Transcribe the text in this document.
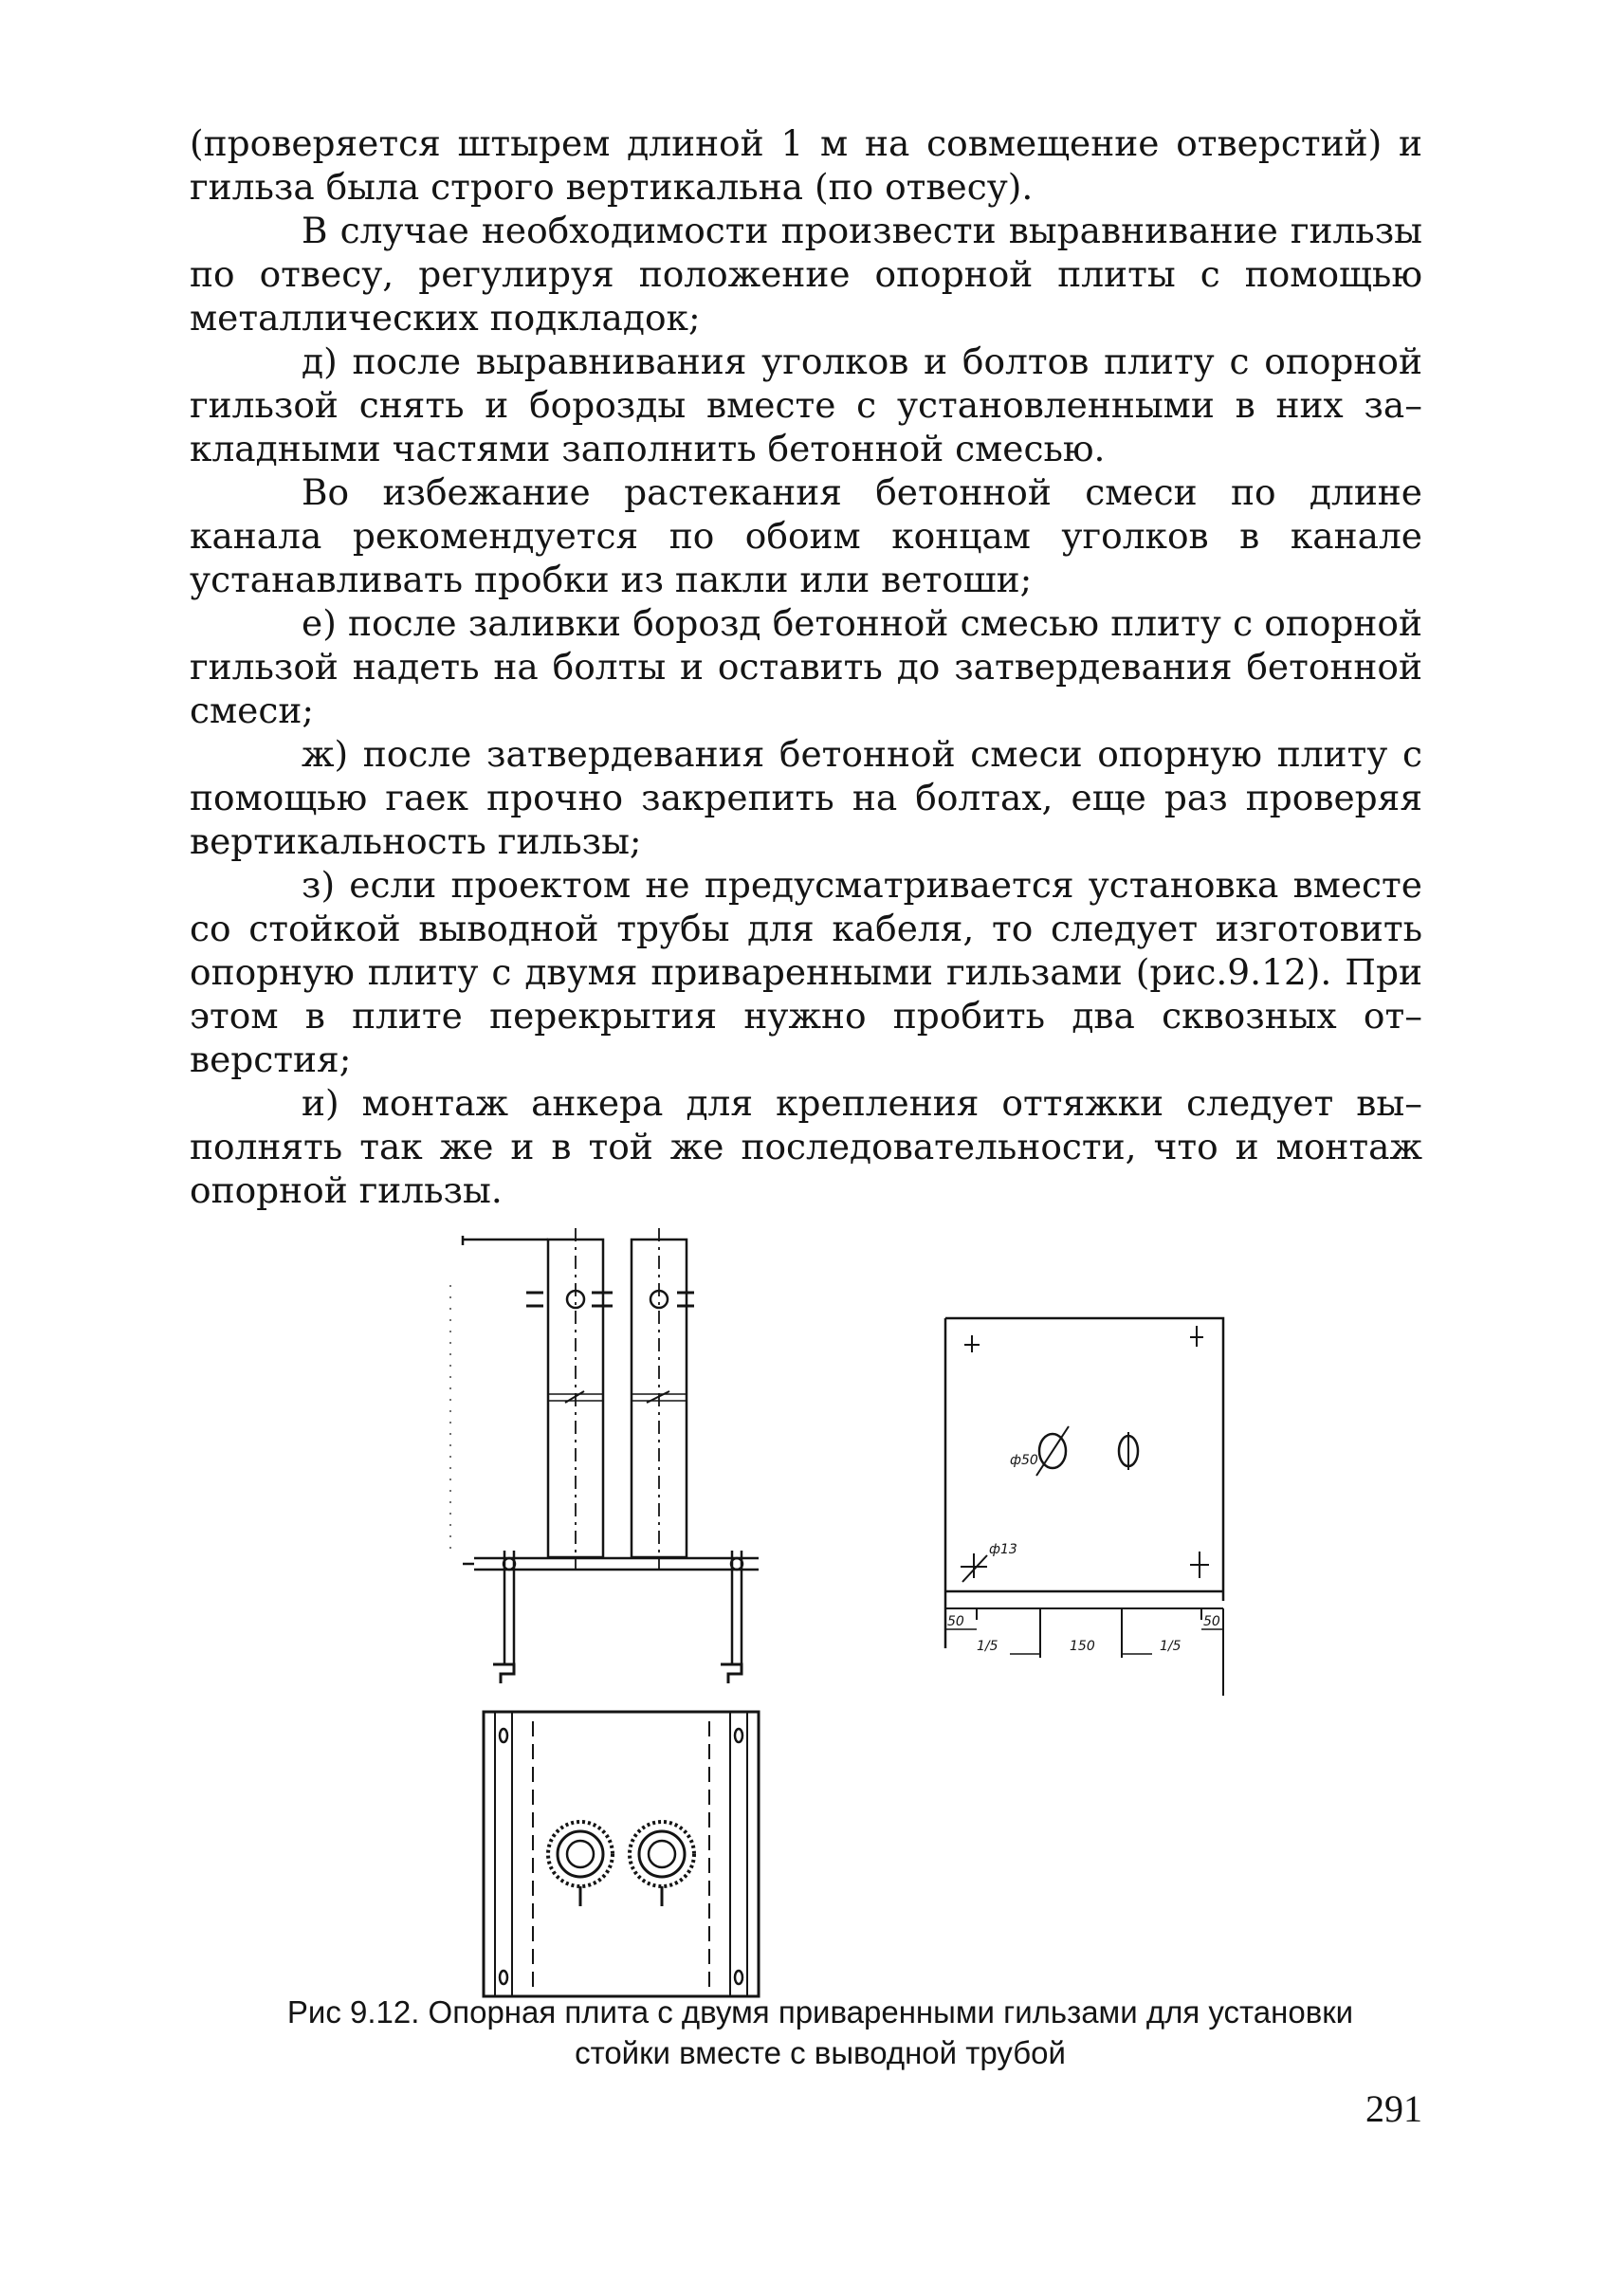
(проверяется штырем длиной 1 м на совмещение отверстий) и гильза была строго вертикальна (по отвесу).

В случае необходимости произвести выравнивание гильзы по отвесу, регулируя положение опорной плиты с помощью металлических подкладок;

д) после выравнивания уголков и болтов плиту с опорной гильзой снять и борозды вместе с установленными в них за– кладными частями заполнить бетонной смесью.

Во избежание растекания бетонной смеси по длине канала рекомендуется по обоим концам уголков в канале устанавливать пробки из пакли или ветоши;

е) после заливки борозд бетонной смесью плиту с опорной гильзой надеть на болты и оставить до затвердевания бетонной смеси;

ж) после затвердевания бетонной смеси опорную плиту с помощью гаек прочно закрепить на болтах, еще раз проверяя вертикальность гильзы;

з) если проектом не предусматривается установка вместе со стойкой выводной трубы для кабеля, то следует изготовить опорную плиту с двумя приваренными гильзами (рис.9.12). При этом в плите перекрытия нужно пробить два сквозных от– верстия;

и) монтаж анкера для крепления оттяжки следует вы– полнять так же и в той же последовательности, что и монтаж опорной гильзы.

ф50
ф13
50	50
1/5	150	1/5
Рис 9.12. Опорная плита с двумя приваренными гильзами для установки
стойки вместе с выводной трубой
291
